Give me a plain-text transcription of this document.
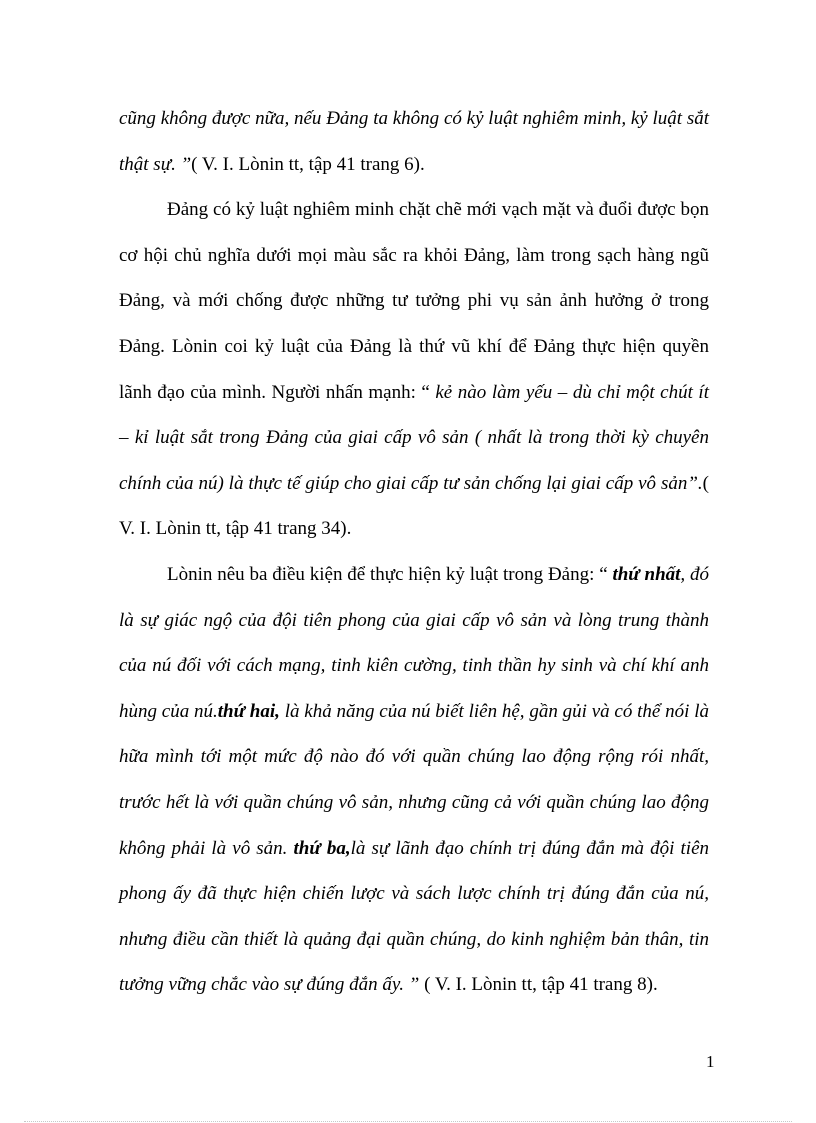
cũng không được nữa, nếu Đảng ta không có kỷ luật nghiêm minh, kỷ luật sắt thật sự. ”( V. I. Lònin tt, tập 41 trang 6).

Đảng có kỷ luật nghiêm minh chặt chẽ mới vạch mặt và đuổi được bọn cơ hội chủ nghĩa dưới mọi màu sắc ra khỏi Đảng, làm trong sạch hàng ngũ Đảng, và mới chống được những tư tưởng phi vụ sản ảnh hưởng ở trong Đảng. Lònin coi kỷ luật của Đảng là thứ vũ khí để Đảng thực hiện quyền lãnh đạo của mình. Người nhấn mạnh: “ kẻ nào làm yếu – dù chỉ một chút ít – kỉ luật sắt trong Đảng của giai cấp vô sản ( nhất là trong thời kỳ chuyên chính của nú) là thực tế giúp cho giai cấp tư sản chống lại giai cấp vô sản”.( V. I. Lònin tt, tập 41 trang 34).

Lònin nêu ba điều kiện để thực hiện kỷ luật trong Đảng: “ thứ nhất, đó là sự giác ngộ của đội tiên phong của giai cấp vô sản và lòng trung thành của nú đối với cách mạng, tinh kiên cường, tinh thần hy sinh và chí khí anh hùng của nú.thứ hai, là khả năng của nú biết liên hệ, gần gủi và có thể nói là hữa mình tới một mức độ nào đó với quần chúng lao động rộng rói nhất, trước hết là với quần chúng vô sản, nhưng cũng cả với quần chúng lao động không phải là vô sản. thứ ba,là sự lãnh đạo chính trị đúng đắn mà đội tiên phong ấy đã thực hiện chiến lược và sách lược chính trị đúng đắn của nú, nhưng điều cần thiết là quảng đại quần chúng, do kinh nghiệm bản thân, tin tưởng vững chắc vào sự đúng đắn ấy. ” ( V. I. Lònin tt, tập 41 trang 8).

1
